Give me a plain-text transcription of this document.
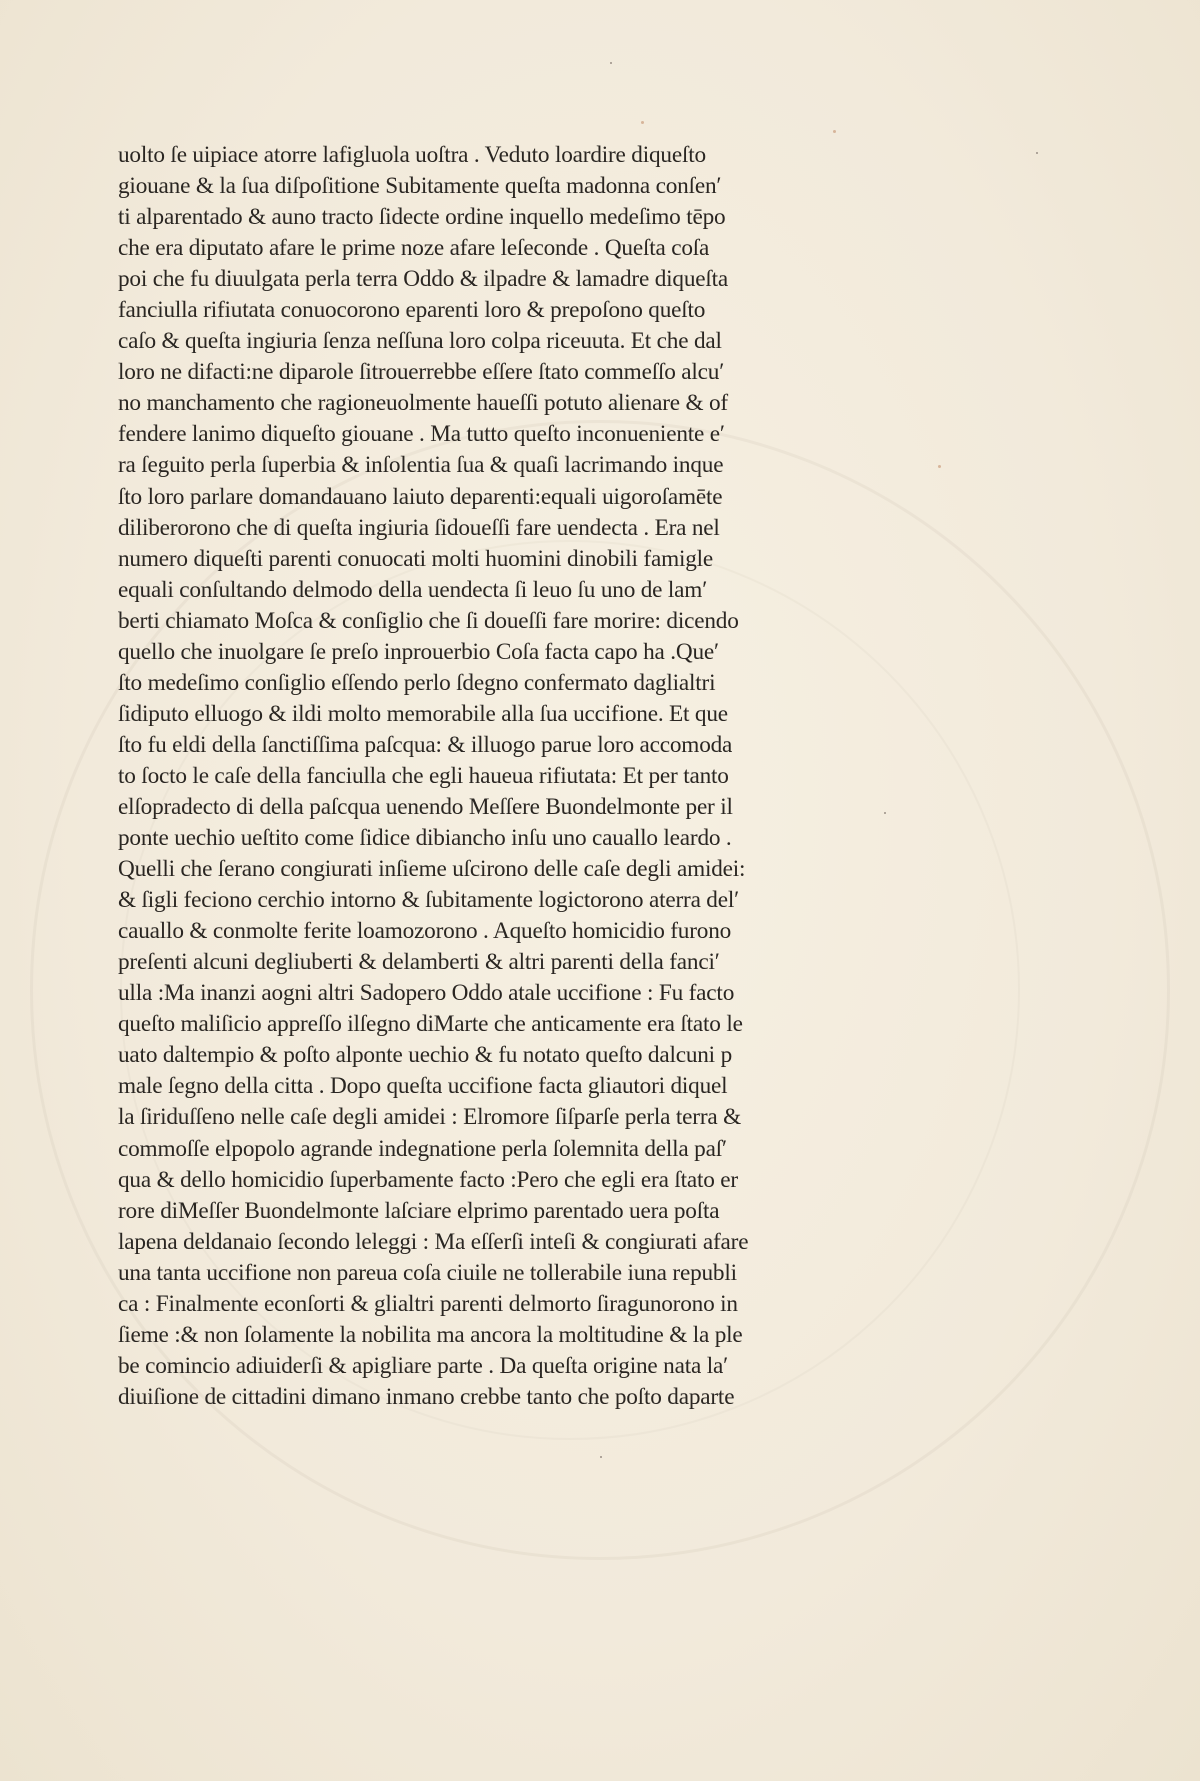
uolto ſe uipiace atorre lafigluola uoſtra . Veduto loardire diqueſto
giouane & la ſua diſpoſitione Subitamente queſta madonna conſen′
ti alparentado & auno tracto ſidecte ordine inquello medeſimo tēpo
che era diputato afare le prime noze afare leſeconde . Queſta coſa
poi che fu diuulgata perla terra Oddo & ilpadre & lamadre diqueſta
fanciulla rifiutata conuocorono eparenti loro & prepoſono queſto
caſo & queſta ingiuria ſenza neſſuna loro colpa riceuuta. Et che dal
loro ne difacti:ne diparole ſitrouerrebbe eſſere ſtato commeſſo alcu′
no manchamento che ragioneuolmente haueſſi potuto alienare & of
fendere lanimo diqueſto giouane . Ma tutto queſto inconueniente e′
ra ſeguito perla ſuperbia & inſolentia ſua & quaſi lacrimando inque
ſto loro parlare domandauano laiuto deparenti:equali uigoroſamēte
diliberorono che di queſta ingiuria ſidoueſſi fare uendecta . Era nel
numero diqueſti parenti conuocati molti huomini dinobili famigle
equali conſultando delmodo della uendecta ſi leuo ſu uno de lam′
berti chiamato Moſca & conſiglio che ſi doueſſi fare morire: dicendo
quello che inuolgare ſe preſo inprouerbio Coſa facta capo ha .Que′
ſto medeſimo conſiglio eſſendo perlo ſdegno confermato daglialtri
ſidiputo elluogo & ildi molto memorabile alla ſua uccifione. Et que
ſto fu eldi della ſanctiſſima paſcqua: & illuogo parue loro accomoda
to ſocto le caſe della fanciulla che egli haueua rifiutata: Et per tanto
elſopradecto di della paſcqua uenendo Meſſere Buondelmonte per il
ponte uechio ueſtito come ſidice dibiancho inſu uno cauallo leardo .
Quelli che ſerano congiurati inſieme uſcirono delle caſe degli amidei:
& ſigli feciono cerchio intorno & ſubitamente logictorono aterra del′
cauallo & conmolte ferite loamozorono . Aqueſto homicidio furono
preſenti alcuni degliuberti & delamberti & altri parenti della fanci′
ulla :Ma inanzi aogni altri Sadopero Oddo atale uccifione : Fu facto
queſto maliſicio appreſſo ilſegno diMarte che anticamente era ſtato le
uato daltempio & poſto alponte uechio & fu notato queſto dalcuni p
male ſegno della citta . Dopo queſta uccifione facta gliautori diquel
la ſiriduſſeno nelle caſe degli amidei : Elromore ſiſparſe perla terra &
commoſſe elpopolo agrande indegnatione perla ſolemnita della paſ′
qua & dello homicidio ſuperbamente facto :Pero che egli era ſtato er
rore diMeſſer Buondelmonte laſciare elprimo parentado uera poſta
lapena deldanaio ſecondo leleggi : Ma eſſerſi inteſi & congiurati afare
una tanta uccifione non pareua coſa ciuile ne tollerabile iuna republi
ca : Finalmente econſorti & glialtri parenti delmorto ſiragunorono in
ſieme :& non ſolamente la nobilita ma ancora la moltitudine & la ple
be comincio adiuiderſi & apigliare parte . Da queſta origine nata la′
diuiſione de cittadini dimano inmano crebbe tanto che poſto daparte
